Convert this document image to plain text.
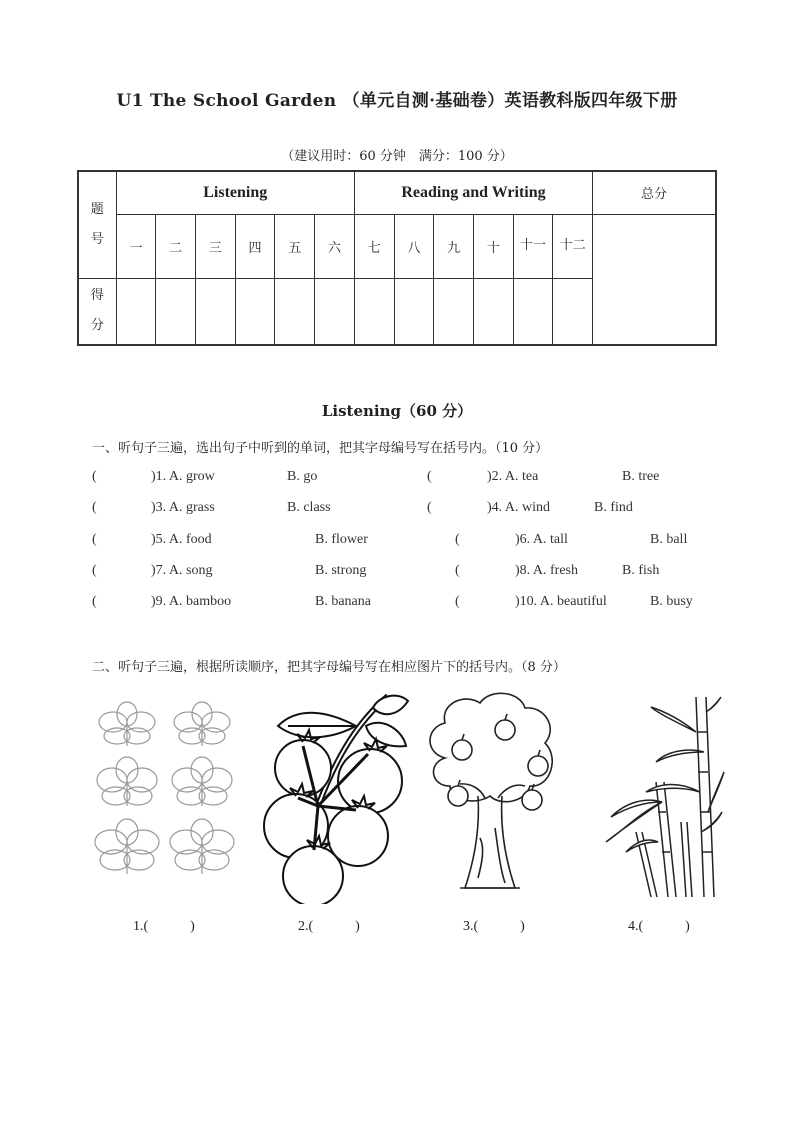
U1 The School Garden （单元自测·基础卷）英语教科版四年级下册
（建议用时：60 分钟　满分：100 分）
题
号	Listening						Reading and Writing						总分
	一	二	三	四	五	六	七	八	九	十	十一	十二	

得
分													

Listening（60 分）
一、听句子三遍，选出句子中听到的单词，把其字母编号写在括号内。（10 分）
(	)1. A. grow	B. go	(	)2. A. tea	B. tree
(	)3. A. grass	B. class	(	)4. A. wind	B. find
(	)5. A. food	B. flower	(	)6. A. tall	B. ball
(	)7. A. song	B. strong	(	)8. A. fresh	B. fish
(	)9. A. bamboo	B. banana	(	)10. A. beautiful	B. busy
二、听句子三遍，根据所读顺序，把其字母编号写在相应图片下的括号内。（8 分）
1.(　　　)	2.(　　　)	3.(　　　)	4.(　　　)
